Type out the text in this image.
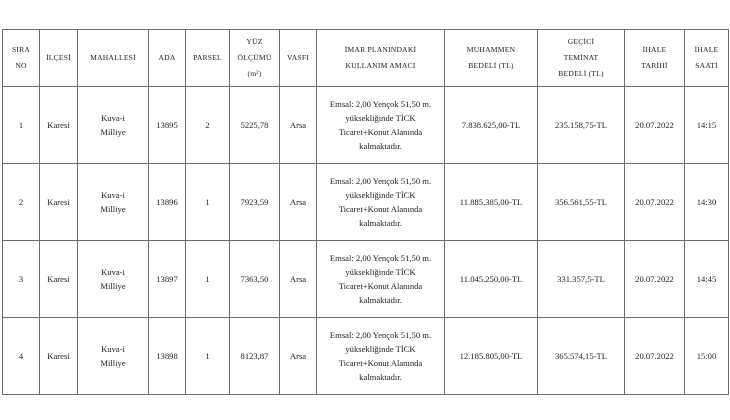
SIRA
NO	İLÇESİ	MAHALLESİ	ADA	PARSEL	YÜZ
ÖLÇÜMÜ
(m²)	VASFI	İMAR PLANINDAKİ
KULLANIM AMACI	MUHAMMEN
BEDELİ (TL)	GEÇİCİ
TEMİNAT
BEDELİ (TL)	İHALE
TARİHİ	İHALE
SAATİ

1	Karesi	Kuva-i
Milliye	13895	2	5225,78	Arsa	Emsal: 2,00 Yençok 51,50 m.
yüksekliğinde TİCK
Ticaret+Konut Alanında
kalmaktadır.	7.838.625,00-TL	235.158,75-TL	20.07.2022	14:15
2	Karesi	Kuva-i
Milliye	13896	1	7923,59	Arsa	Emsal: 2,00 Yençok 51,50 m.
yüksekliğinde TİCK
Ticaret+Konut Alanında
kalmaktadır.	11.885.385,00-TL	356.561,55-TL	20.07.2022	14:30
3	Karesi	Kuva-i
Milliye	13897	1	7363,50	Arsa	Emsal: 2,00 Yençok 51,50 m.
yüksekliğinde TİCK
Ticaret+Konut Alanında
kalmaktadır.	11.045.250,00-TL	331.357,5-TL	20.07.2022	14:45
4	Karesi	Kuva-i
Milliye	13898	1	8123,87	Arsa	Emsal: 2,00 Yençok 51,50 m.
yüksekliğinde TİCK
Ticaret+Konut Alanında
kalmaktadır.	12.185.805,00-TL	365.574,15-TL	20.07.2022	15:00
